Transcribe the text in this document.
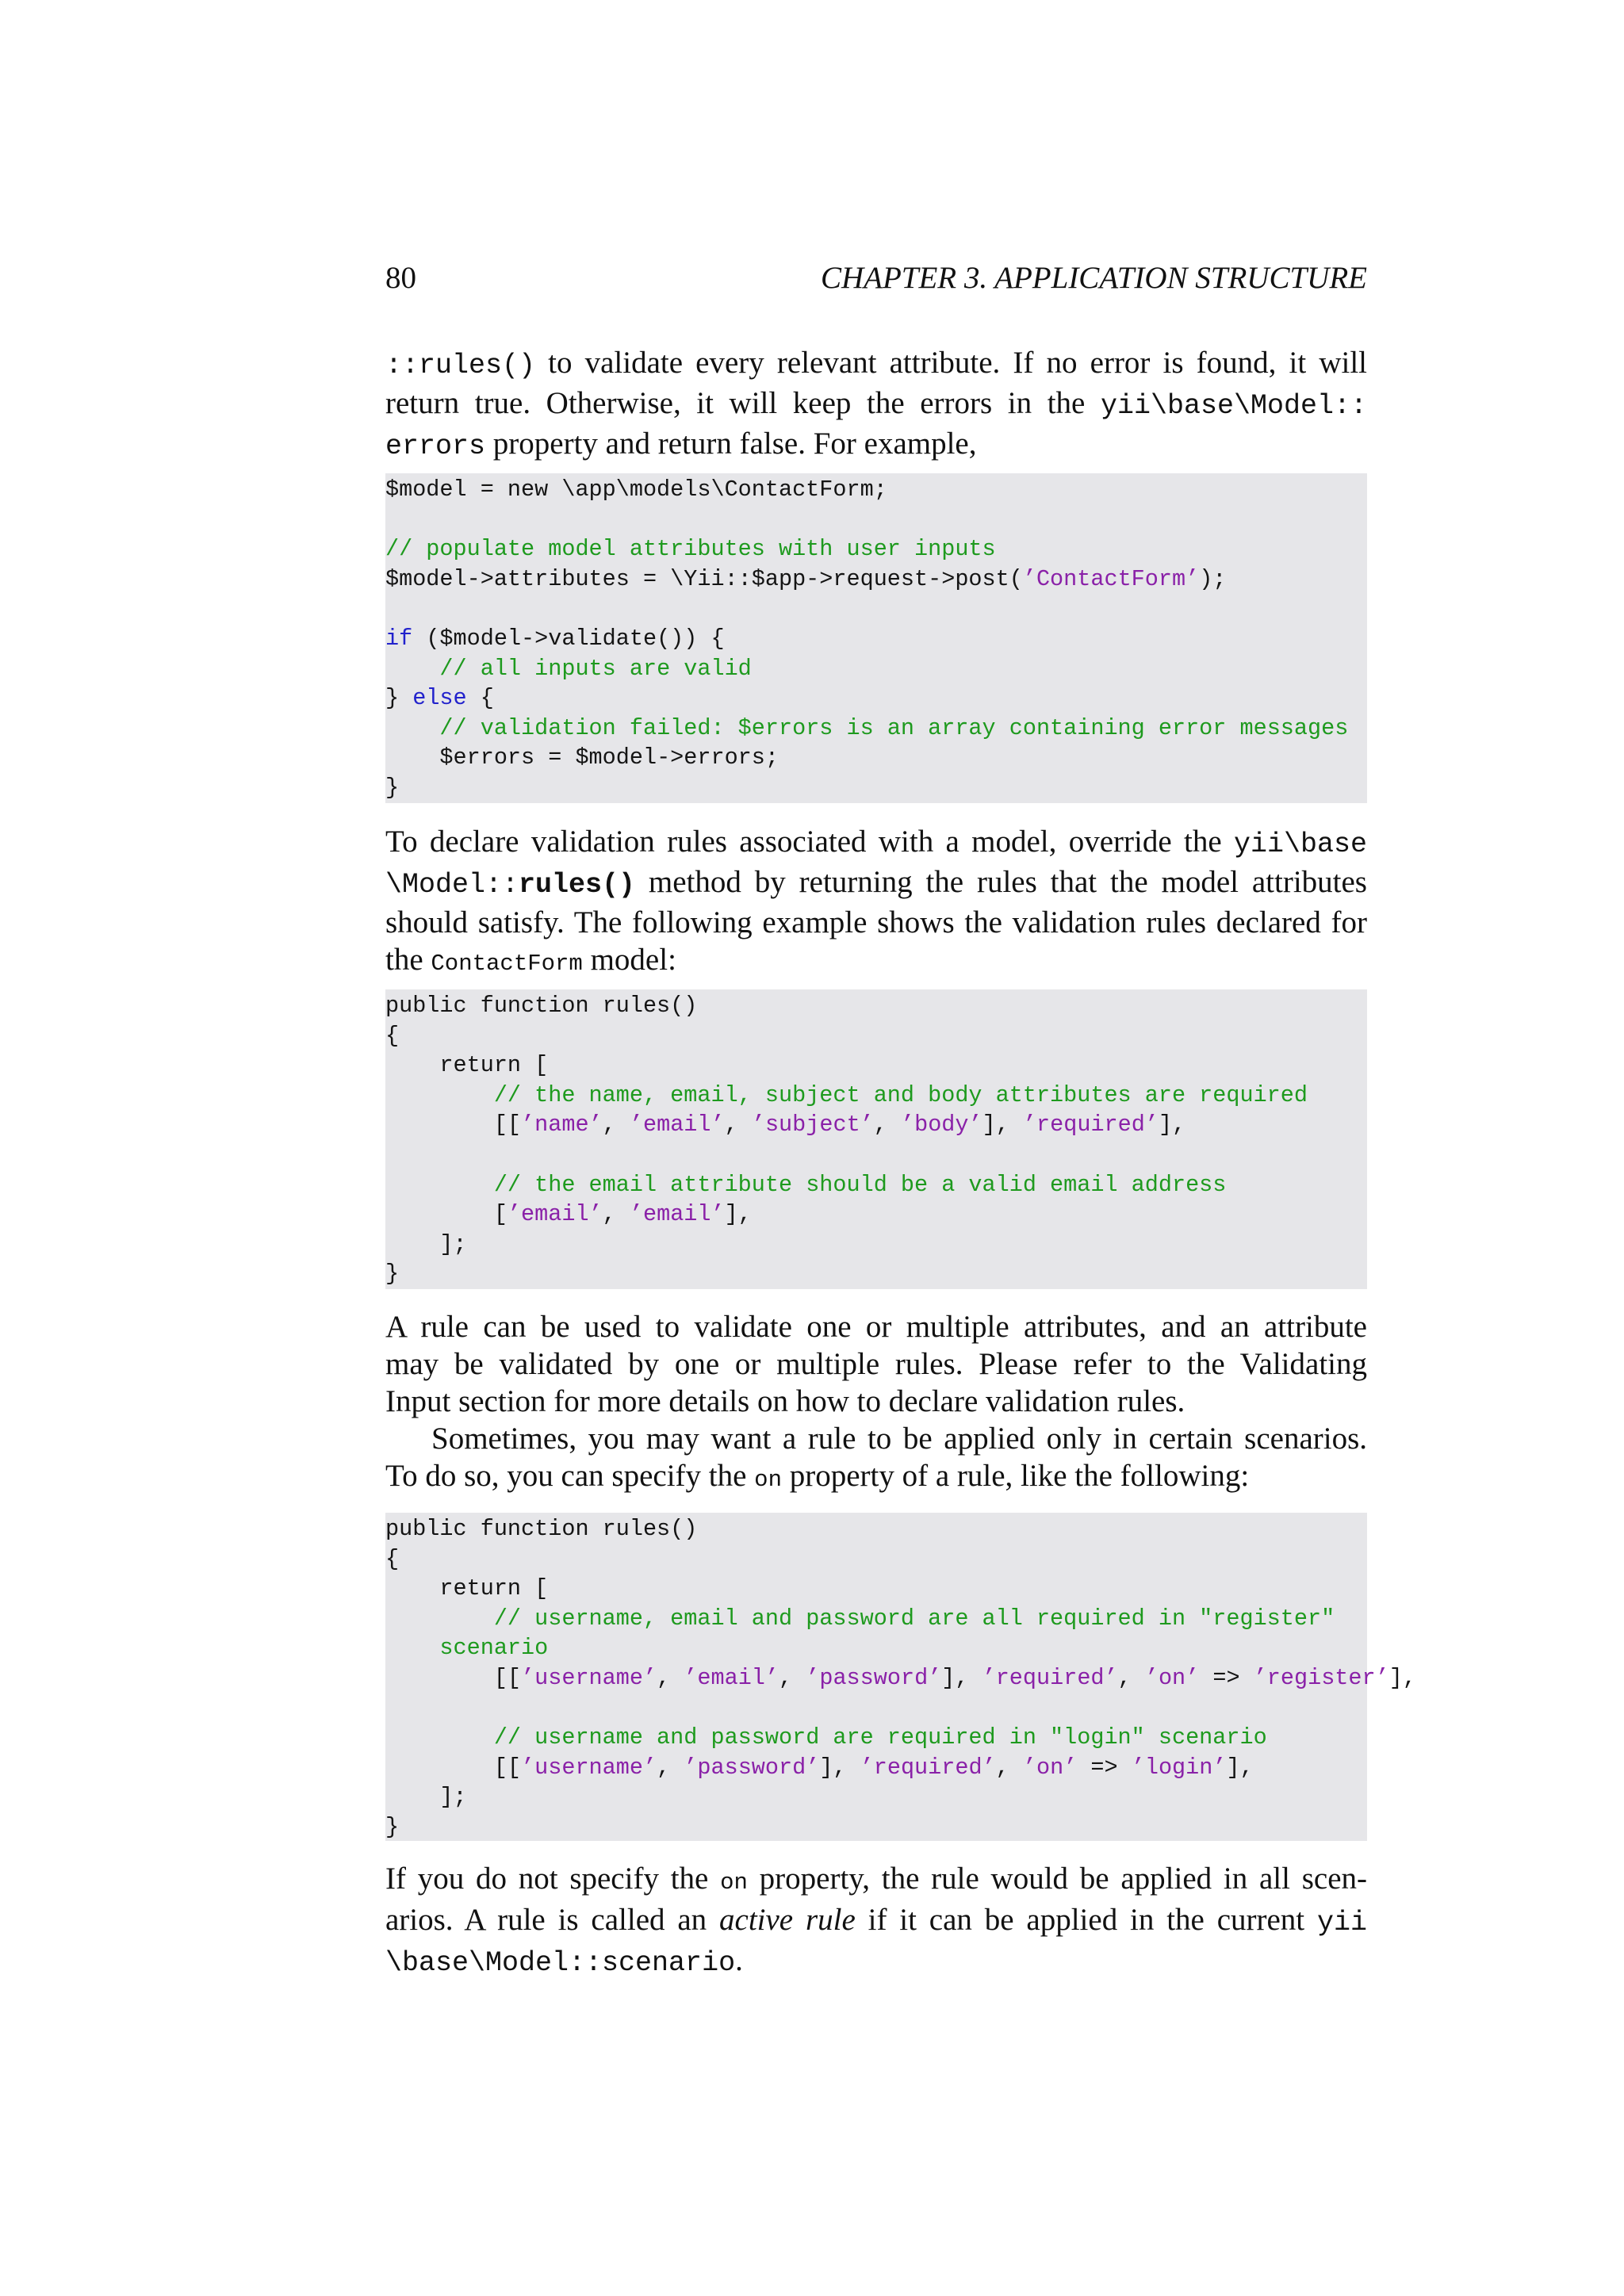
80	CHAPTER 3. APPLICATION STRUCTURE

::rules() to validate every relevant attribute. If no error is found, it will
return true. Otherwise, it will keep the errors in the yii\base\Model::
errors property and return false. For example,

$model = new \app\models\ContactForm;
// populate model attributes with user inputs
$model->attributes = \Yii::$app->request->post(’ContactForm’);
if ($model->validate()) {
// all inputs are valid
} else {
// validation failed: $errors is an array containing error messages
$errors = $model->errors;
}

To declare validation rules associated with a model, override the yii\base
\Model::rules() method by returning the rules that the model attributes
should satisfy. The following example shows the validation rules declared for
the ContactForm model:

public function rules()
{
return [
// the name, email, subject and body attributes are required
[[’name’, ’email’, ’subject’, ’body’], ’required’],
// the email attribute should be a valid email address
[’email’, ’email’],
];
}

A rule can be used to validate one or multiple attributes, and an attribute
may be validated by one or multiple rules. Please refer to the Validating
Input section for more details on how to declare validation rules.
Sometimes, you may want a rule to be applied only in certain scenarios.
To do so, you can specify the on property of a rule, like the following:

public function rules()
{
return [
// username, email and password are all required in "register"
scenario
[[’username’, ’email’, ’password’], ’required’, ’on’ => ’register’],
// username and password are required in "login" scenario
[[’username’, ’password’], ’required’, ’on’ => ’login’],
];
}

If you do not specify the on property, the rule would be applied in all scen-
arios. A rule is called an active rule if it can be applied in the current yii
\base\Model::scenario.
